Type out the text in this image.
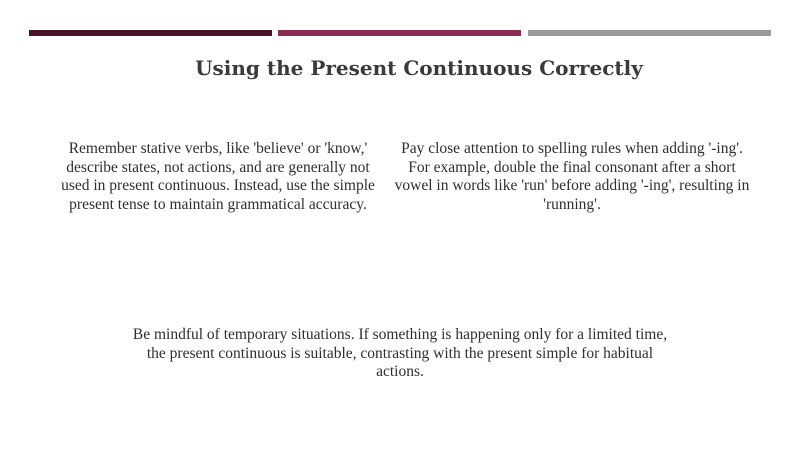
Using the Present Continuous Correctly
Remember stative verbs, like 'believe' or 'know,' describe states, not actions, and are generally not used in present continuous. Instead, use the simple present tense to maintain grammatical accuracy.
Pay close attention to spelling rules when adding '-ing'. For example, double the final consonant after a short vowel in words like 'run' before adding '-ing', resulting in 'running'.
Be mindful of temporary situations. If something is happening only for a limited time, the present continuous is suitable, contrasting with the present simple for habitual actions.
